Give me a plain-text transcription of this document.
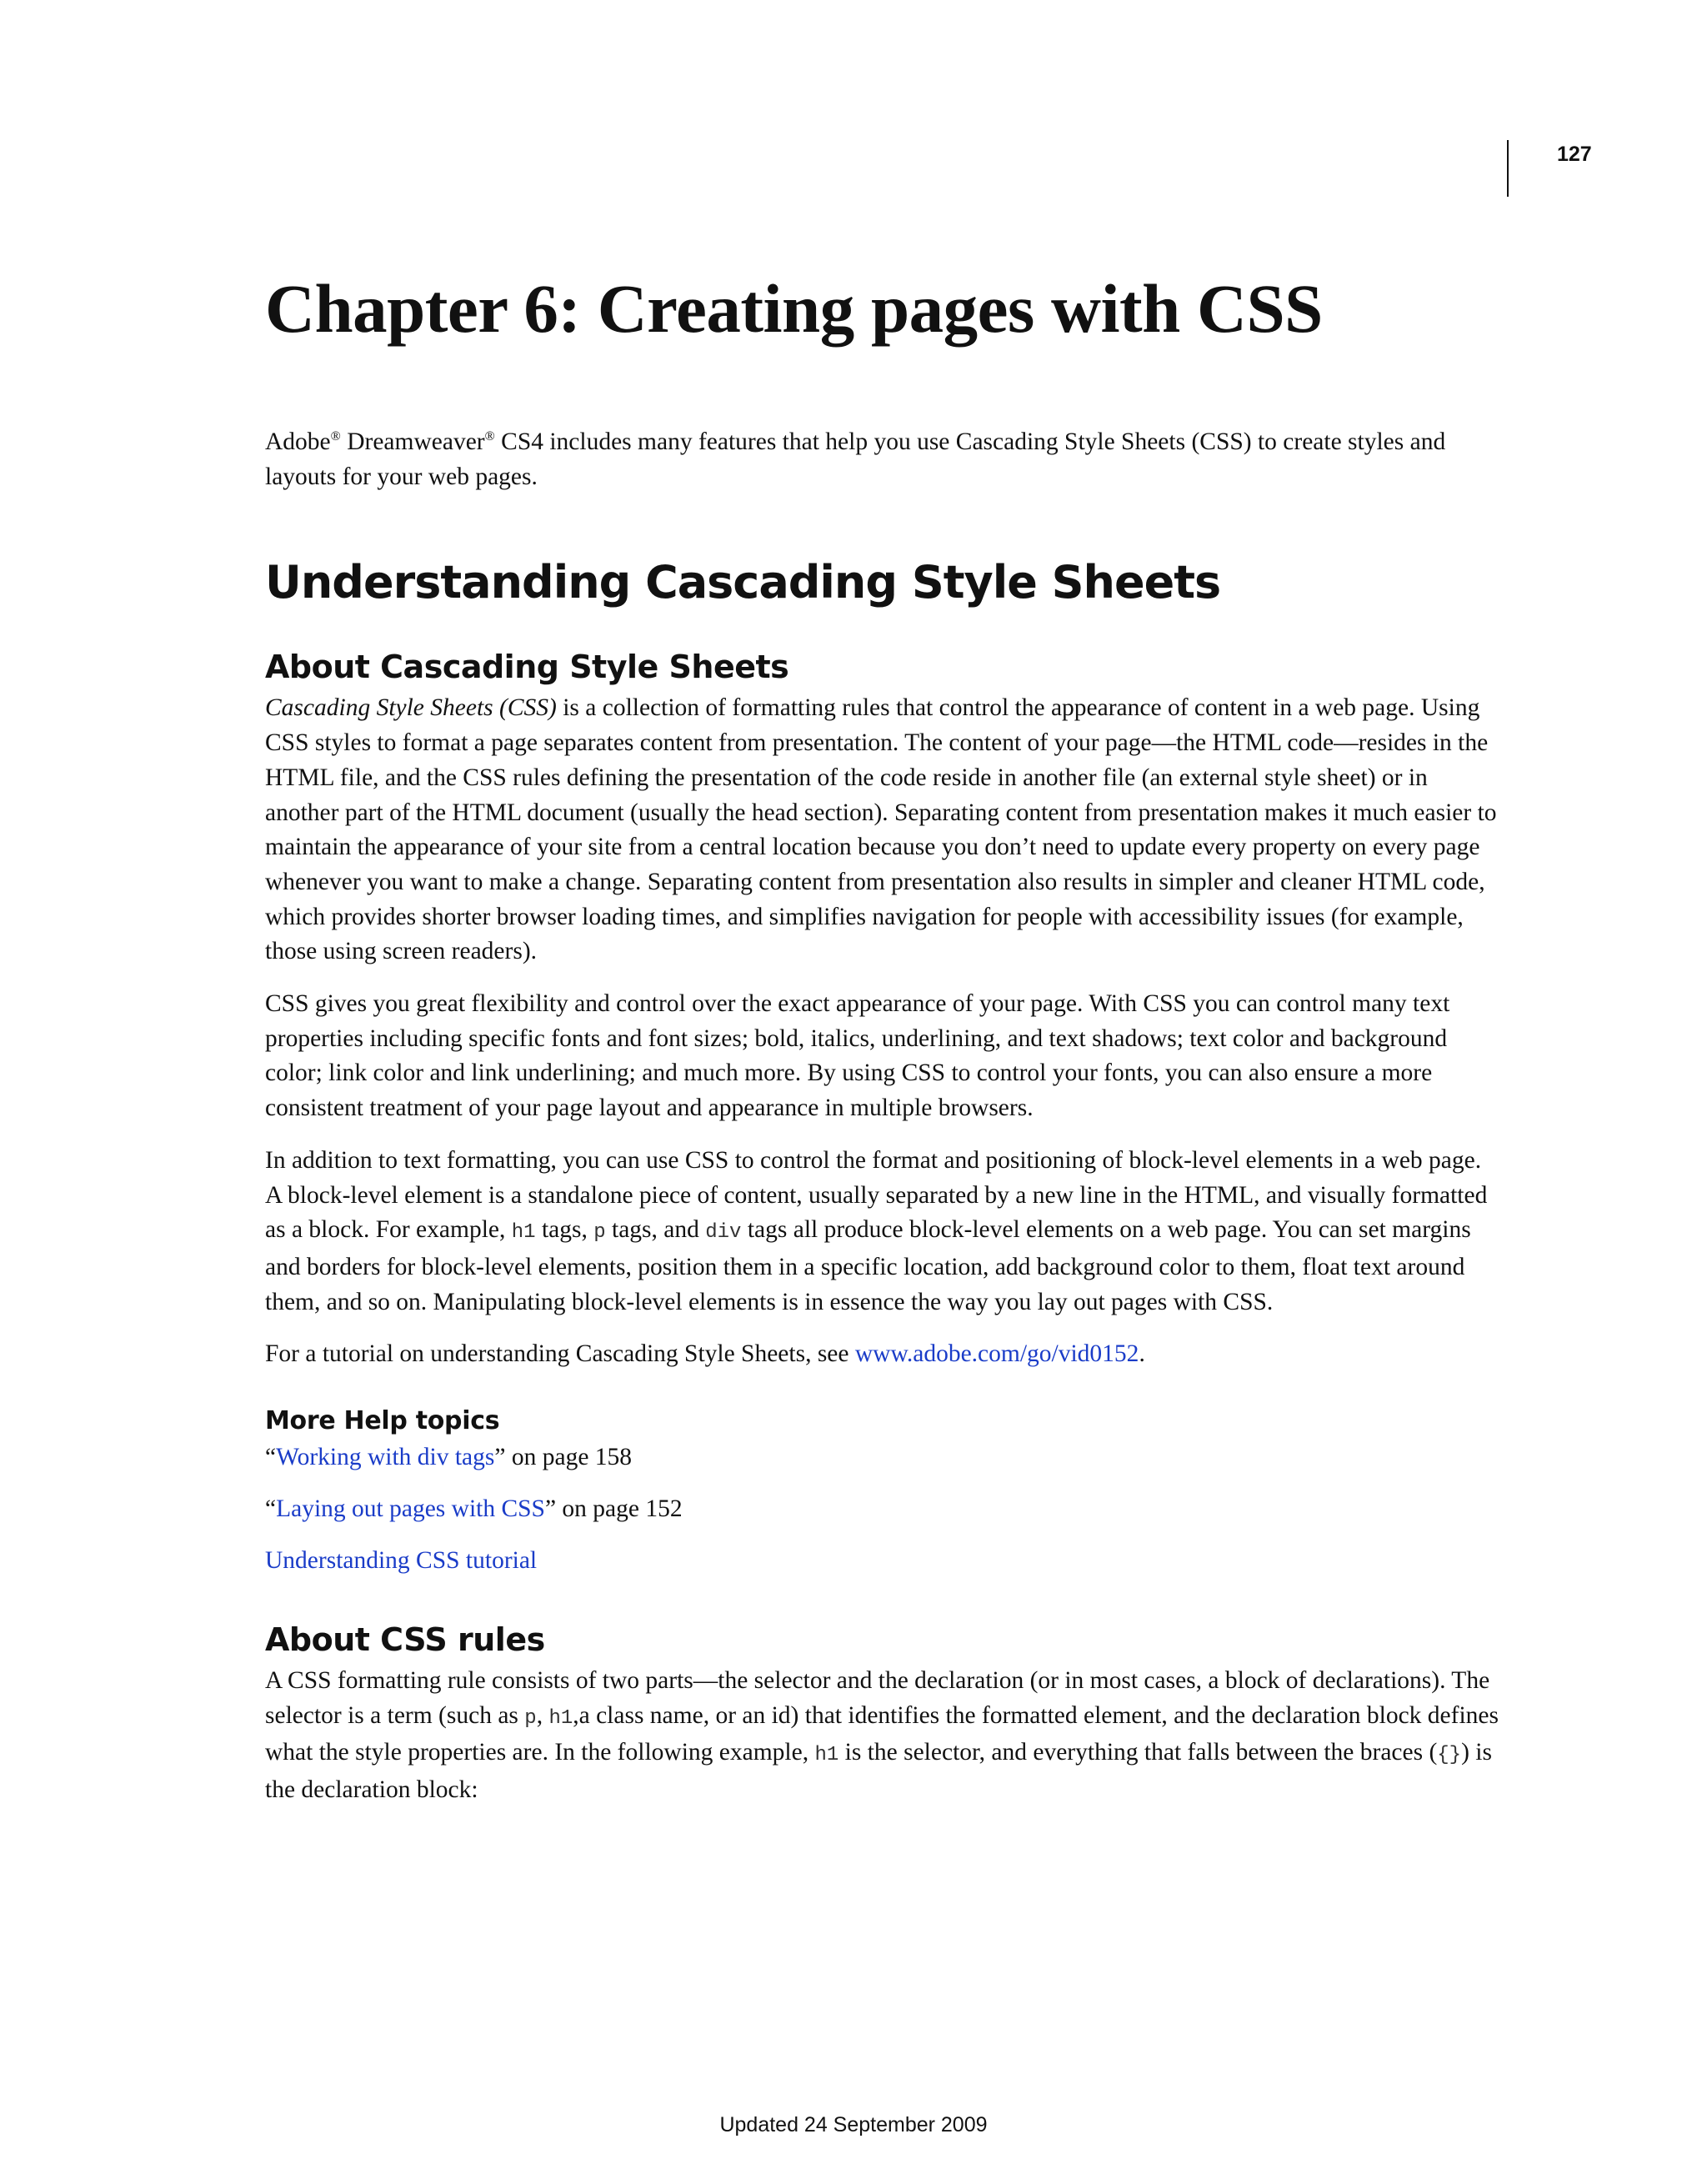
127
Chapter 6: Creating pages with CSS

Adobe® Dreamweaver® CS4 includes many features that help you use Cascading Style Sheets (CSS) to create styles and layouts for your web pages.

Understanding Cascading Style Sheets
About Cascading Style Sheets

Cascading Style Sheets (CSS) is a collection of formatting rules that control the appearance of content in a web page. Using CSS styles to format a page separates content from presentation. The content of your page—the HTML code—resides in the HTML file, and the CSS rules defining the presentation of the code reside in another file (an external style sheet) or in another part of the HTML document (usually the head section). Separating content from presentation makes it much easier to maintain the appearance of your site from a central location because you don’t need to update every property on every page whenever you want to make a change. Separating content from presentation also results in simpler and cleaner HTML code, which provides shorter browser loading times, and simplifies navigation for people with accessibility issues (for example, those using screen readers).

CSS gives you great flexibility and control over the exact appearance of your page. With CSS you can control many text properties including specific fonts and font sizes; bold, italics, underlining, and text shadows; text color and background color; link color and link underlining; and much more. By using CSS to control your fonts, you can also ensure a more consistent treatment of your page layout and appearance in multiple browsers.

In addition to text formatting, you can use CSS to control the format and positioning of block-level elements in a web page. A block-level element is a standalone piece of content, usually separated by a new line in the HTML, and visually formatted as a block. For example, h1 tags, p tags, and div tags all produce block-level elements on a web page. You can set margins and borders for block-level elements, position them in a specific location, add background color to them, float text around them, and so on. Manipulating block-level elements is in essence the way you lay out pages with CSS.

For a tutorial on understanding Cascading Style Sheets, see www.adobe.com/go/vid0152.

More Help topics
“Working with div tags” on page 158
“Laying out pages with CSS” on page 152
Understanding CSS tutorial
About CSS rules

A CSS formatting rule consists of two parts—the selector and the declaration (or in most cases, a block of declarations). The selector is a term (such as p, h1,a class name, or an id) that identifies the formatted element, and the declaration block defines what the style properties are. In the following example, h1 is the selector, and everything that falls between the braces ({}) is the declaration block:

Updated 24 September 2009
